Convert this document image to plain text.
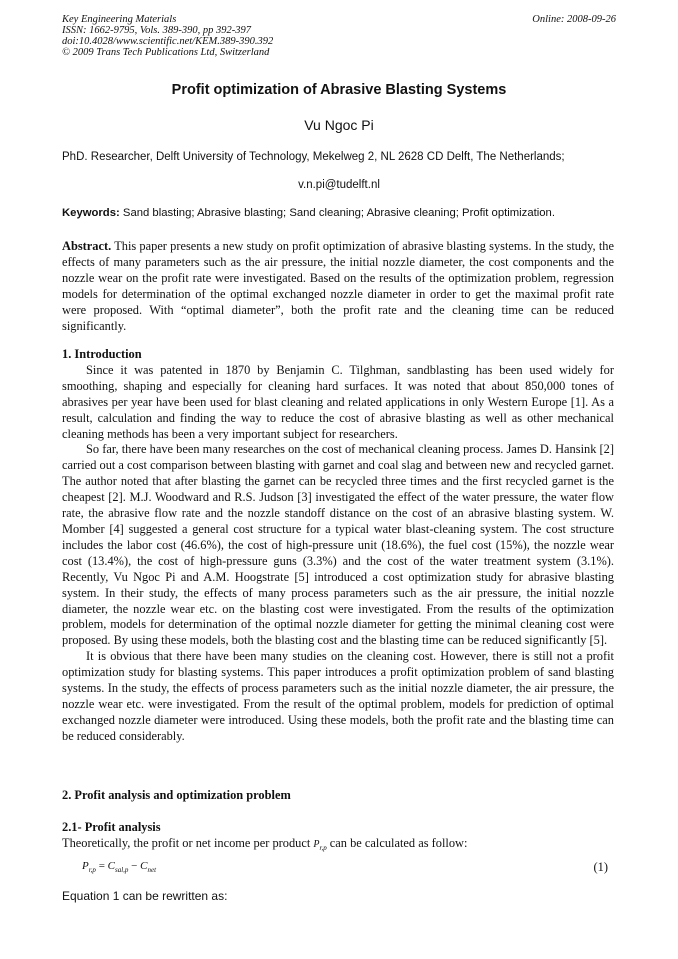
Key Engineering Materials
ISSN: 1662-9795, Vols. 389-390, pp 392-397
doi:10.4028/www.scientific.net/KEM.389-390.392
© 2009 Trans Tech Publications Ltd, Switzerland
Online: 2008-09-26
Profit optimization of Abrasive Blasting Systems
Vu Ngoc Pi
PhD. Researcher, Delft University of Technology, Mekelweg 2, NL 2628 CD Delft, The Netherlands;
v.n.pi@tudelft.nl
Keywords: Sand blasting; Abrasive blasting; Sand cleaning; Abrasive cleaning; Profit optimization.

Abstract. This paper presents a new study on profit optimization of abrasive blasting systems. In the study, the effects of many parameters such as the air pressure, the initial nozzle diameter, the cost components and the nozzle wear on the profit rate were investigated. Based on the results of the optimization problem, regression models for determination of the optimal exchanged nozzle diameter in order to get the maximal profit rate were proposed. With “optimal diameter”, both the profit rate and the cleaning time can be reduced significantly.

1. Introduction

Since it was patented in 1870 by Benjamin C. Tilghman, sandblasting has been used widely for smoothing, shaping and especially for cleaning hard surfaces. It was noted that about 850,000 tones of abrasives per year have been used for blast cleaning and related applications in only Western Europe [1]. As a result, calculation and finding the way to reduce the cost of abrasive blasting as well as other mechanical cleaning methods has been a very important subject for researchers.

So far, there have been many researches on the cost of mechanical cleaning process. James D. Hansink [2] carried out a cost comparison between blasting with garnet and coal slag and between new and recycled garnet. The author noted that after blasting the garnet can be recycled three times and the first recycled garnet is the cheapest [2]. M.J. Woodward and R.S. Judson [3] investigated the effect of the water pressure, the water flow rate, the abrasive flow rate and the nozzle standoff distance on the cost of an abrasive blasting system. W. Momber [4] suggested a general cost structure for a typical water blast-cleaning system. The cost structure includes the labor cost (46.6%), the cost of high-pressure unit (18.6%), the fuel cost (15%), the nozzle wear cost (13.4%), the cost of high-pressure guns (3.3%) and the cost of the water treatment system (3.1%). Recently, Vu Ngoc Pi and A.M. Hoogstrate [5] introduced a cost optimization study for abrasive blasting system. In their study, the effects of many process parameters such as the air pressure, the initial nozzle diameter, the nozzle wear etc. on the blasting cost were investigated. From the results of the optimization problem, models for determination of the optimal nozzle diameter for getting the minimal cleaning cost were proposed. By using these models, both the blasting cost and the blasting time can be reduced significantly [5].

It is obvious that there have been many studies on the cleaning cost. However, there is still not a profit optimization study for blasting systems. This paper introduces a profit optimization problem of sand blasting systems. In the study, the effects of process parameters such as the initial nozzle diameter, the air pressure, the nozzle wear etc. were investigated. From the result of the optimal problem, models for prediction of optimal exchanged nozzle diameter were introduced. Using these models, both the profit rate and the blasting time can be reduced considerably.

2. Profit analysis and optimization problem

2.1- Profit analysis

Theoretically, the profit or net income per product $P_{r,p}$ can be calculated as follow:

$P_{r,p} = C_{sal,p} - C_{net}$	(1)
Equation 1 can be rewritten as:
